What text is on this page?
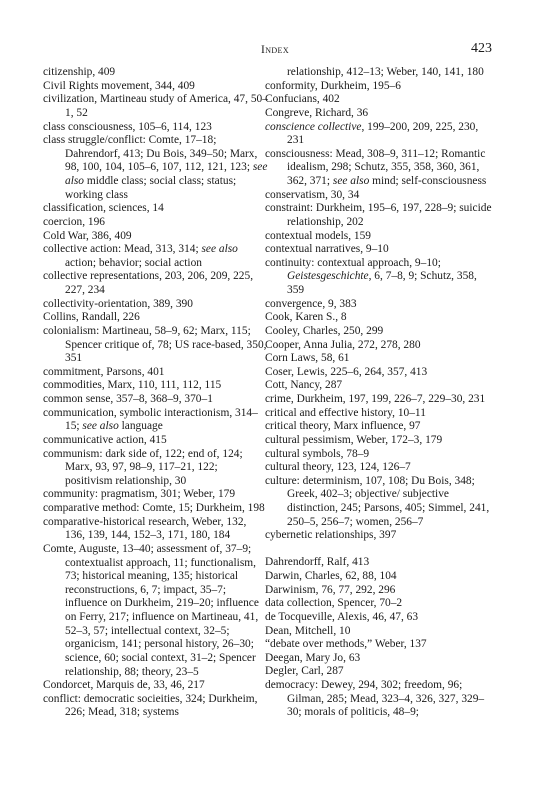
Index	423

citizenship, 409

Civil Rights movement, 344, 409

civilization, Martineau study of America, 47, 50–1, 52

class consciousness, 105–6, 114, 123

class struggle/conflict: Comte, 17–18; Dahrendorf, 413; Du Bois, 349–50; Marx, 98, 100, 104, 105–6, 107, 112, 121, 123; see also middle class; social class; status; working class

classification, sciences, 14

coercion, 196

Cold War, 386, 409

collective action: Mead, 313, 314; see also action; behavior; social action

collective representations, 203, 206, 209, 225, 227, 234

collectivity-orientation, 389, 390

Collins, Randall, 226

colonialism: Martineau, 58–9, 62; Marx, 115; Spencer critique of, 78; US race-based, 350, 351

commitment, Parsons, 401

commodities, Marx, 110, 111, 112, 115

common sense, 357–8, 368–9, 370–1

communication, symbolic interactionism, 314–15; see also language

communicative action, 415

communism: dark side of, 122; end of, 124; Marx, 93, 97, 98–9, 117–21, 122; positivism relationship, 30

community: pragmatism, 301; Weber, 179

comparative method: Comte, 15; Durkheim, 198

comparative-historical research, Weber, 132, 136, 139, 144, 152–3, 171, 180, 184

Comte, Auguste, 13–40; assessment of, 37–9; contextualist approach, 11; functionalism, 73; historical meaning, 135; historical reconstructions, 6, 7; impact, 35–7; influence on Durkheim, 219–20; influence on Ferry, 217; influence on Martineau, 41, 52–3, 57; intellectual context, 32–5; organicism, 141; personal history, 26–30; science, 60; social context, 31–2; Spencer relationship, 88; theory, 23–5

Condorcet, Marquis de, 33, 46, 217

conflict: democratic socieities, 324; Durkheim, 226; Mead, 318; systems

relationship, 412–13; Weber, 140, 141, 180

conformity, Durkheim, 195–6

Confucians, 402

Congreve, Richard, 36

conscience collective, 199–200, 209, 225, 230, 231

consciousness: Mead, 308–9, 311–12; Romantic idealism, 298; Schutz, 355, 358, 360, 361, 362, 371; see also mind; self-consciousness

conservatism, 30, 34

constraint: Durkheim, 195–6, 197, 228–9; suicide relationship, 202

contextual models, 159

contextual narratives, 9–10

continuity: contextual approach, 9–10; Geistesgeschichte, 6, 7–8, 9; Schutz, 358, 359

convergence, 9, 383

Cook, Karen S., 8

Cooley, Charles, 250, 299

Cooper, Anna Julia, 272, 278, 280

Corn Laws, 58, 61

Coser, Lewis, 225–6, 264, 357, 413

Cott, Nancy, 287

crime, Durkheim, 197, 199, 226–7, 229–30, 231

critical and effective history, 10–11

critical theory, Marx influence, 97

cultural pessimism, Weber, 172–3, 179

cultural symbols, 78–9

cultural theory, 123, 124, 126–7

culture: determinism, 107, 108; Du Bois, 348; Greek, 402–3; objective/ subjective distinction, 245; Parsons, 405; Simmel, 241, 250–5, 256–7; women, 256–7

cybernetic relationships, 397

Dahrendorff, Ralf, 413

Darwin, Charles, 62, 88, 104

Darwinism, 76, 77, 292, 296

data collection, Spencer, 70–2

de Tocqueville, Alexis, 46, 47, 63

Dean, Mitchell, 10

“debate over methods,” Weber, 137

Deegan, Mary Jo, 63

Degler, Carl, 287

democracy: Dewey, 294, 302; freedom, 96; Gilman, 285; Mead, 323–4, 326, 327, 329–30; morals of politicis, 48–9;
